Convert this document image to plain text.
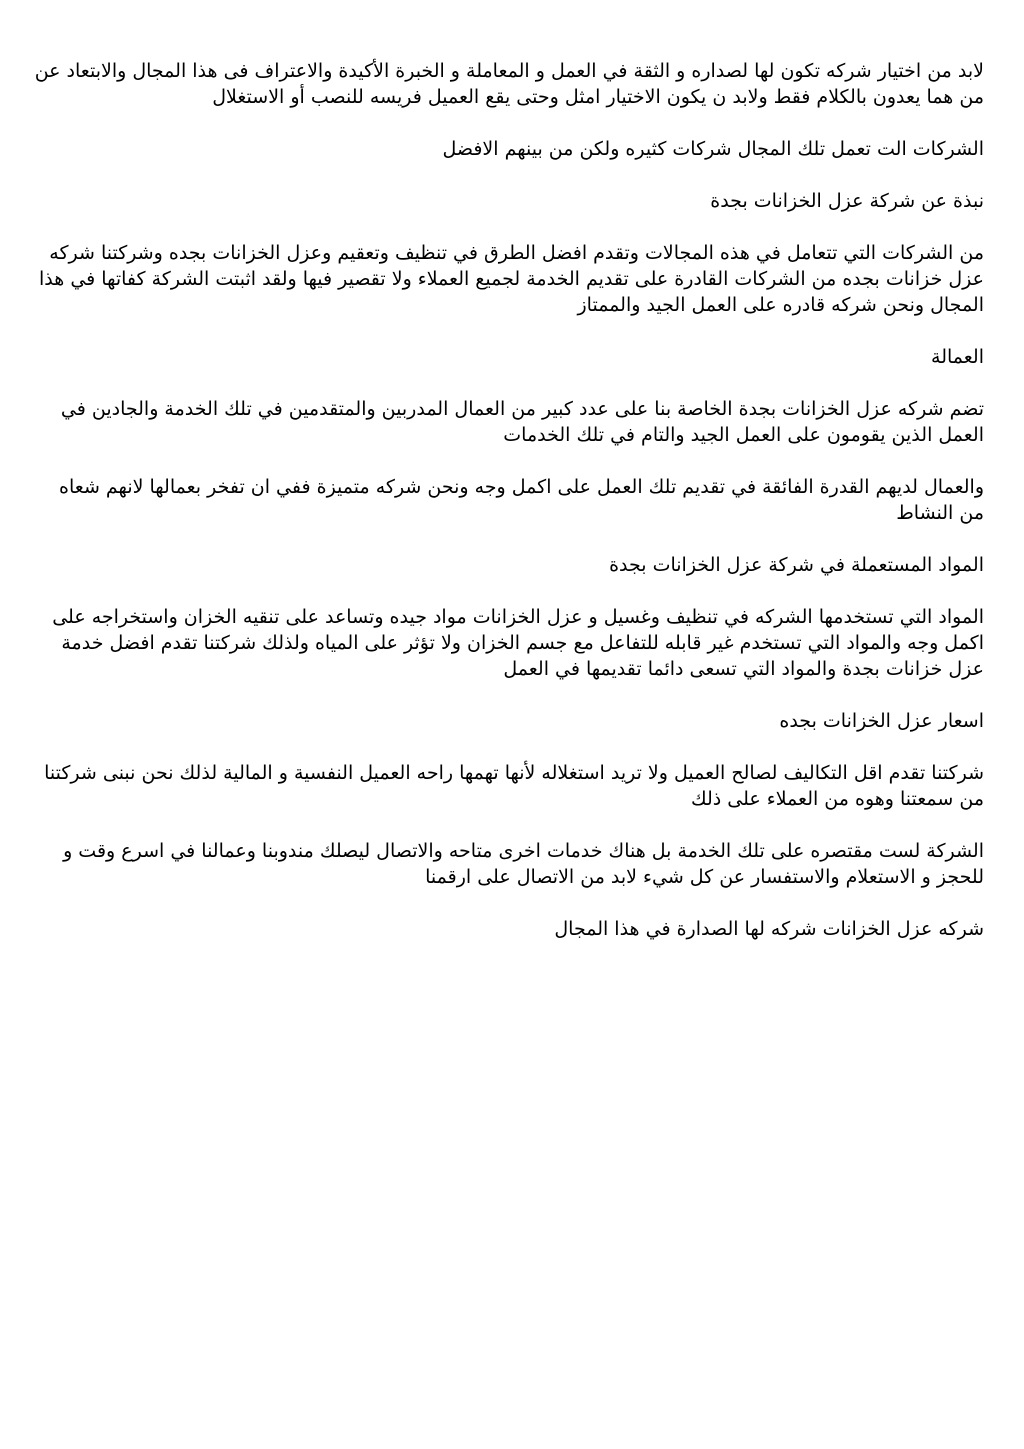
لابد من اختيار شركه تكون لها لصداره و الثقة في العمل و المعاملة و الخبرة الأكيدة والاعتراف فى هذا المجال والابتعاد عن من هما يعدون بالكلام فقط ولابد ن يكون الاختيار امثل وحتى يقع العميل فريسه للنصب أو الاستغلال

الشركات الت تعمل تلك المجال شركات كثيره ولكن من بينهم الافضل

نبذة عن شركة عزل الخزانات بجدة

من الشركات التي تتعامل في هذه المجالات وتقدم افضل الطرق في تنظيف وتعقيم وعزل الخزانات بجده وشركتنا شركه عزل خزانات بجده من الشركات القادرة على تقديم الخدمة لجميع العملاء ولا تقصير فيها ولقد اثبتت الشركة كفاتها في هذا المجال ونحن شركه قادره على العمل الجيد والممتاز

العمالة

تضم شركه عزل الخزانات بجدة الخاصة بنا على عدد كبير من العمال المدربين والمتقدمين في تلك الخدمة والجادين في العمل الذين يقومون على العمل الجيد والتام في تلك الخدمات

والعمال لديهم القدرة الفائقة في تقديم تلك العمل على اكمل وجه ونحن شركه متميزة ففي ان تفخر بعمالها لانهم شعاه من النشاط

المواد المستعملة في شركة عزل الخزانات بجدة

المواد التي تستخدمها الشركه في تنظيف وغسيل و عزل الخزانات مواد جيده وتساعد على تنقيه الخزان واستخراجه على اكمل وجه والمواد التي تستخدم غير قابله للتفاعل مع جسم الخزان ولا تؤثر على المياه ولذلك شركتنا تقدم افضل خدمة عزل خزانات بجدة والمواد التي تسعى دائما تقديمها في العمل

اسعار عزل الخزانات بجده

شركتنا تقدم اقل التكاليف لصالح العميل ولا تريد استغلاله لأنها تهمها راحه العميل النفسية و المالية لذلك نحن نبنى شركتنا من سمعتنا وهوه من العملاء على ذلك

الشركة لست مقتصره على تلك الخدمة بل هناك خدمات اخرى متاحه والاتصال ليصلك مندوبنا وعمالنا في اسرع وقت و للحجز و الاستعلام والاستفسار عن كل شيء لابد من الاتصال على ارقمنا

شركه عزل الخزانات شركه لها الصدارة في هذا المجال
